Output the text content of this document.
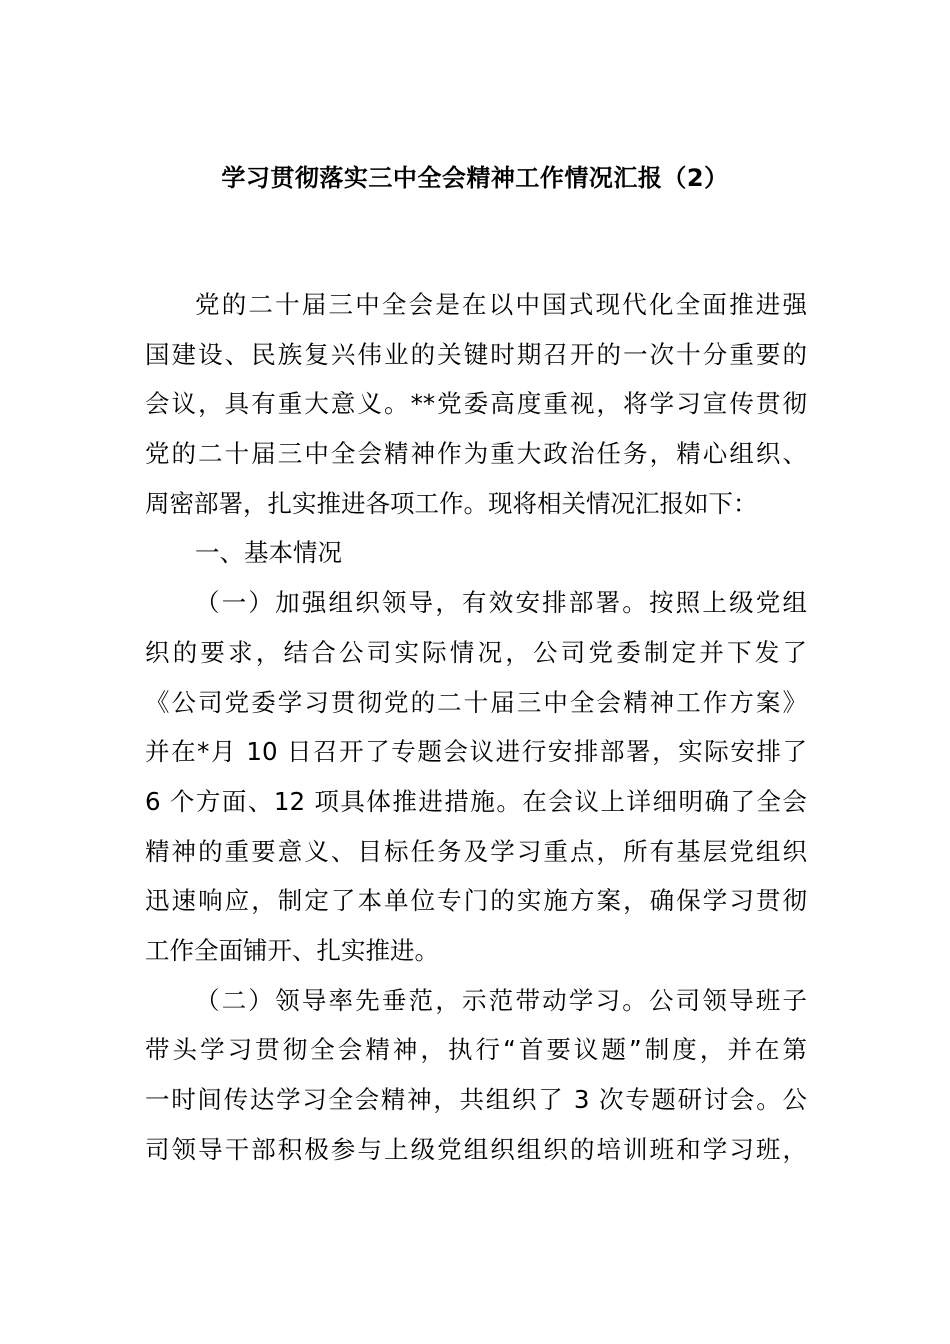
学习贯彻落实三中全会精神工作情况汇报（2）
党的二十届三中全会是在以中国式现代化全面推进强
国建设、民族复兴伟业的关键时期召开的一次十分重要的
会议，具有重大意义。**党委高度重视，将学习宣传贯彻
党的二十届三中全会精神作为重大政治任务，精心组织、
周密部署，扎实推进各项工作。现将相关情况汇报如下：
一、基本情况
（一）加强组织领导，有效安排部署。按照上级党组
织的要求，结合公司实际情况，公司党委制定并下发了
《公司党委学习贯彻党的二十届三中全会精神工作方案》
并在*月 10 日召开了专题会议进行安排部署，实际安排了
6 个方面、12 项具体推进措施。在会议上详细明确了全会
精神的重要意义、目标任务及学习重点，所有基层党组织
迅速响应，制定了本单位专门的实施方案，确保学习贯彻
工作全面铺开、扎实推进。
（二）领导率先垂范，示范带动学习。公司领导班子
带头学习贯彻全会精神，执行“首要议题”制度，并在第
一时间传达学习全会精神，共组织了 3 次专题研讨会。公
司领导干部积极参与上级党组织组织的培训班和学习班，
